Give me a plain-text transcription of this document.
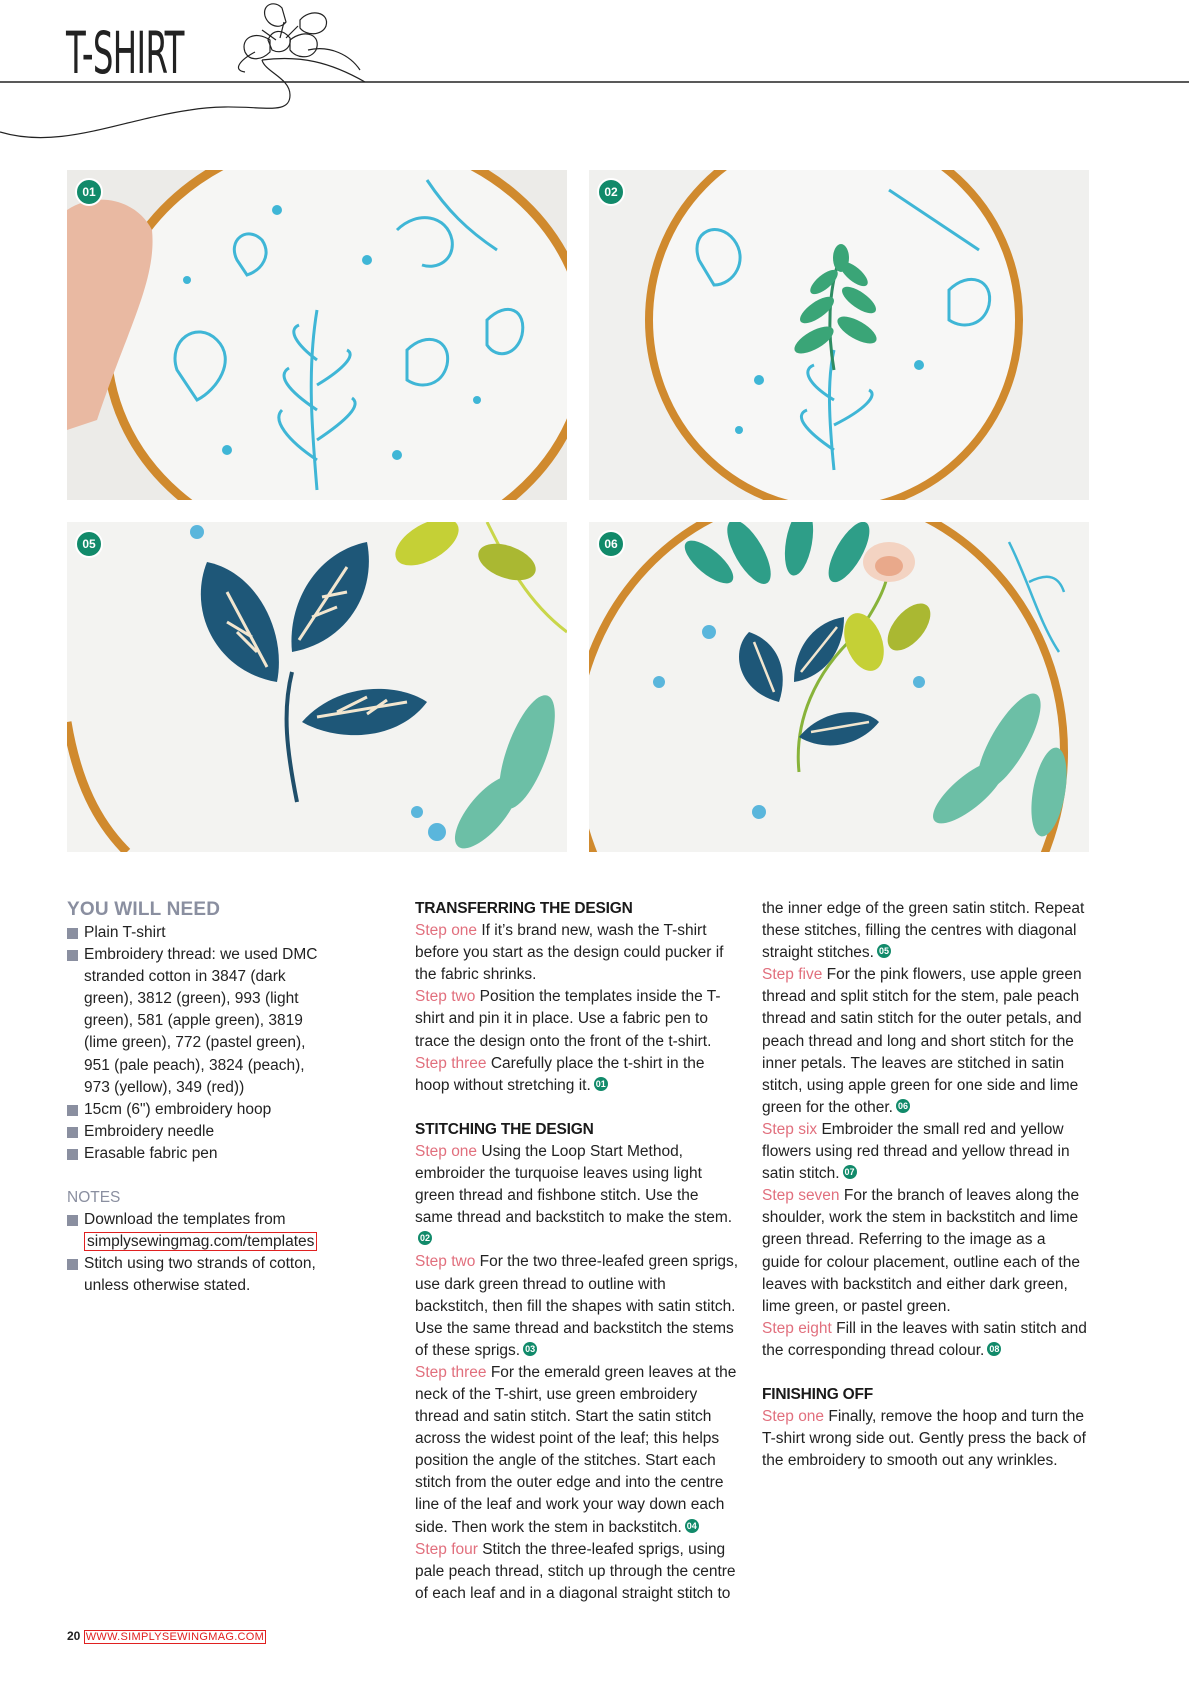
T-SHIRT
01	02
05	06
YOU WILL NEED
Plain T-shirt
Embroidery thread: we used DMC stranded cotton in 3847 (dark green), 3812 (green), 993 (light green), 581 (apple green), 3819 (lime green), 772 (pastel green), 951 (pale peach), 3824 (peach), 973 (yellow), 349 (red))
15cm (6") embroidery hoop
Embroidery needle
Erasable fabric pen
NOTES
Download the templates from simplysewingmag.com/templates
Stitch using two strands of cotton, unless otherwise stated.
TRANSFERRING THE DESIGN

Step one If it’s brand new, wash the T-shirt before you start as the design could pucker if the fabric shrinks.

Step two Position the templates inside the T-shirt and pin it in place. Use a fabric pen to trace the design onto the front of the t-shirt.

Step three Carefully place the t-shirt in the hoop without stretching it. 01

STITCHING THE DESIGN

Step one Using the Loop Start Method, embroider the turquoise leaves using light green thread and fishbone stitch. Use the same thread and backstitch to make the stem.02

Step two For the two three-leafed green sprigs, use dark green thread to outline with backstitch, then fill the shapes with satin stitch. Use the same thread and backstitch the stems of these sprigs. 03

Step three For the emerald green leaves at the neck of the T-shirt, use green embroidery thread and satin stitch. Start the satin stitch across the widest point of the leaf; this helps position the angle of the stitches. Start each stitch from the outer edge and into the centre line of the leaf and work your way down each side. Then work the stem in backstitch. 04

Step four Stitch the three-leafed sprigs, using pale peach thread, stitch up through the centre of each leaf and in a diagonal straight stitch to

the inner edge of the green satin stitch. Repeat these stitches, filling the centres with diagonal straight stitches. 05

Step five For the pink flowers, use apple green thread and split stitch for the stem, pale peach thread and satin stitch for the outer petals, and peach thread and long and short stitch for the inner petals. The leaves are stitched in satin stitch, using apple green for one side and lime green for the other. 06

Step six Embroider the small red and yellow flowers using red thread and yellow thread in satin stitch. 07

Step seven For the branch of leaves along the shoulder, work the stem in backstitch and lime green thread. Referring to the image as a guide for colour placement, outline each of the leaves with backstitch and either dark green, lime green, or pastel green.

Step eight Fill in the leaves with satin stitch and the corresponding thread colour. 08

FINISHING OFF

Step one Finally, remove the hoop and turn the T-shirt wrong side out. Gently press the back of the embroidery to smooth out any wrinkles.

20 WWW.SIMPLYSEWINGMAG.COM
